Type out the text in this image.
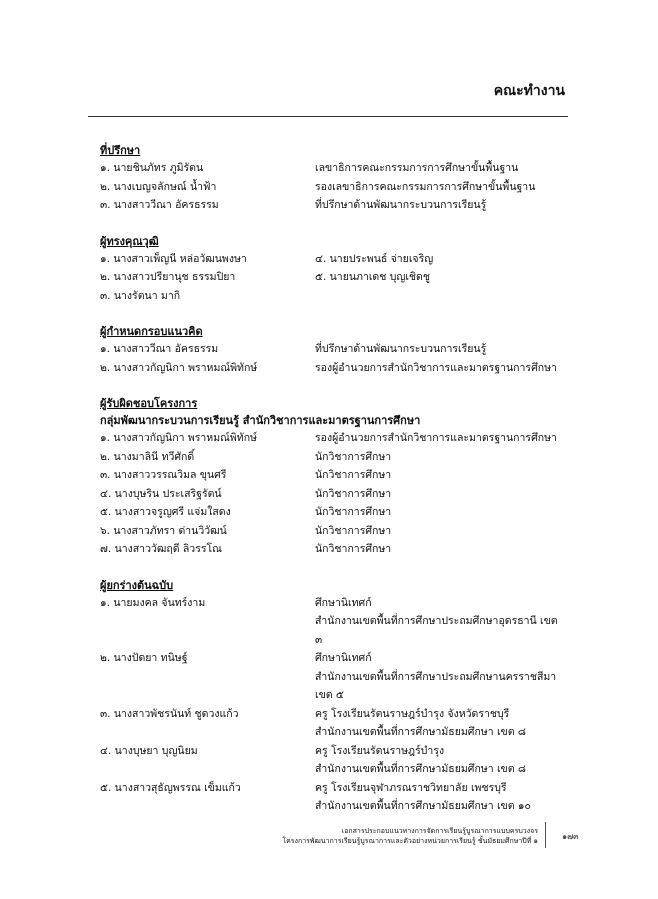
คณะทำงาน
ที่ปรึกษา
๑. นายชินภัทร ภูมิรัตน	เลขาธิการคณะกรรมการการศึกษาขั้นพื้นฐาน
๒. นางเบญจลักษณ์ น้ำฟ้า	รองเลขาธิการคณะกรรมการการศึกษาขั้นพื้นฐาน
๓. นางสาววีณา อัครธรรม	ที่ปรึกษาด้านพัฒนากระบวนการเรียนรู้
ผู้ทรงคุณวุฒิ
๑. นางสาวเพ็ญนี หล่อวัฒนพงษา	๔. นายประพนธ์ จ่ายเจริญ
๒. นางสาวปรียานุช ธรรมปิยา	๕. นายนภาเดช บุญเชิดชู
๓. นางรัตนา มากิ
ผู้กำหนดกรอบแนวคิด
๑. นางสาววีณา อัครธรรม	ที่ปรึกษาด้านพัฒนากระบวนการเรียนรู้
๒. นางสาวกัญนิกา พราหมณ์พิทักษ์	รองผู้อำนวยการสำนักวิชาการและมาตรฐานการศึกษา
ผู้รับผิดชอบโครงการ
กลุ่มพัฒนากระบวนการเรียนรู้ สำนักวิชาการและมาตรฐานการศึกษา
๑. นางสาวกัญนิกา พราหมณ์พิทักษ์	รองผู้อำนวยการสำนักวิชาการและมาตรฐานการศึกษา
๒. นางมาลินี ทวีศักดิ์	นักวิชาการศึกษา
๓. นางสาววรรณวิมล ขุนศรี	นักวิชาการศึกษา
๔. นางบุษริน ประเสริฐรัตน์	นักวิชาการศึกษา
๕. นางสาวจรูญศรี แจ่มใสดง	นักวิชาการศึกษา
๖. นางสาวภัทรา ด่านวิวัฒน์	นักวิชาการศึกษา
๗. นางสาววัฒฤดี ลิวรรโณ	นักวิชาการศึกษา
ผู้ยกร่างต้นฉบับ
๑. นายมงคล จันทร์งาม	ศึกษานิเทศก์
สำนักงานเขตพื้นที่การศึกษาประถมศึกษาอุดรธานี เขต ๓
๒. นางปัดยา ทนิษฐ์	ศึกษานิเทศก์
สำนักงานเขตพื้นที่การศึกษาประถมศึกษานครราชสีมา เขต ๕
๓. นางสาวพัชรนันท์ ชูดวงแก้ว	ครู โรงเรียนรัตนราษฎร์บำรุง จังหวัดราชบุรี
สำนักงานเขตพื้นที่การศึกษามัธยมศึกษา เขต ๘
๔. นางบุษยา บุญนิยม	ครู โรงเรียนรัตนราษฎร์บำรุง
สำนักงานเขตพื้นที่การศึกษามัธยมศึกษา เขต ๘
๕. นางสาวสุธัญพรรณ เข็มแก้ว	ครู โรงเรียนจุฬาภรณราชวิทยาลัย เพชรบุรี
สำนักงานเขตพื้นที่การศึกษามัธยมศึกษา เขต ๑๐
เอกสารประกอบแนวทางการจัดการเรียนรู้บูรณาการแบบครบวงจร
โครงการพัฒนาการเรียนรู้บูรณาการและตัวอย่างหน่วยการเรียนรู้ ชั้นมัธยมศึกษาปีที่ ๑	๑๗๓
